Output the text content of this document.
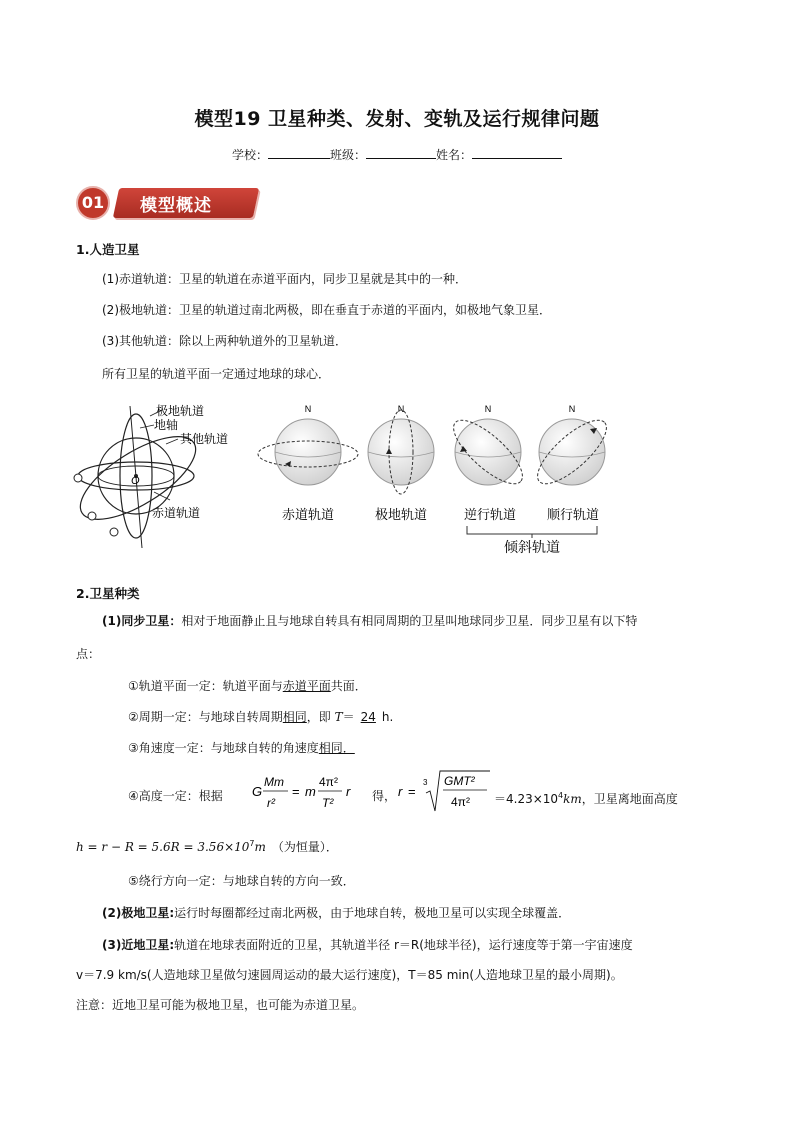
模型19 卫星种类、发射、变轨及运行规律问题
学校：	班级：	姓名：
01	模型概述
1.人造卫星
(1)赤道轨道：卫星的轨道在赤道平面内，同步卫星就是其中的一种．
(2)极地轨道：卫星的轨道过南北两极，即在垂直于赤道的平面内，如极地气象卫星．
(3)其他轨道：除以上两种轨道外的卫星轨道．
所有卫星的轨道平面一定通过地球的球心．
极地轨道
地轴
其他轨道
O
赤道轨道
N	N	N	N
赤道轨道	极地轨道	逆行轨道 顺行轨道
倾斜轨道
2.卫星种类
(1)同步卫星：相对于地面静止且与地球自转具有相同周期的卫星叫地球同步卫星．同步卫星有以下特
点：
①轨道平面一定：轨道平面与赤道平面共面．
②周期一定：与地球自转周期相同，即 T＝ 24 h.
③角速度一定：与地球自转的角速度相同．
④高度一定：根据 G
Mm
r²
= m
4π²
T²
r 得， r =
3 GMT²
$4\pi^2 =4.23\times 10^4km$，卫星离地面高度
$h = r - R = 5.6R = 3.56\times 10^7m$ （为恒量）．
⑤绕行方向一定：与地球自转的方向一致．
(2)极地卫星:运行时每圈都经过南北两极，由于地球自转，极地卫星可以实现全球覆盖．
(3)近地卫星:轨道在地球表面附近的卫星，其轨道半径 r＝R(地球半径)，运行速度等于第一宇宙速度
v＝7.9 km/s(人造地球卫星做匀速圆周运动的最大运行速度)，T＝85 min(人造地球卫星的最小周期)。
注意：近地卫星可能为极地卫星，也可能为赤道卫星。
